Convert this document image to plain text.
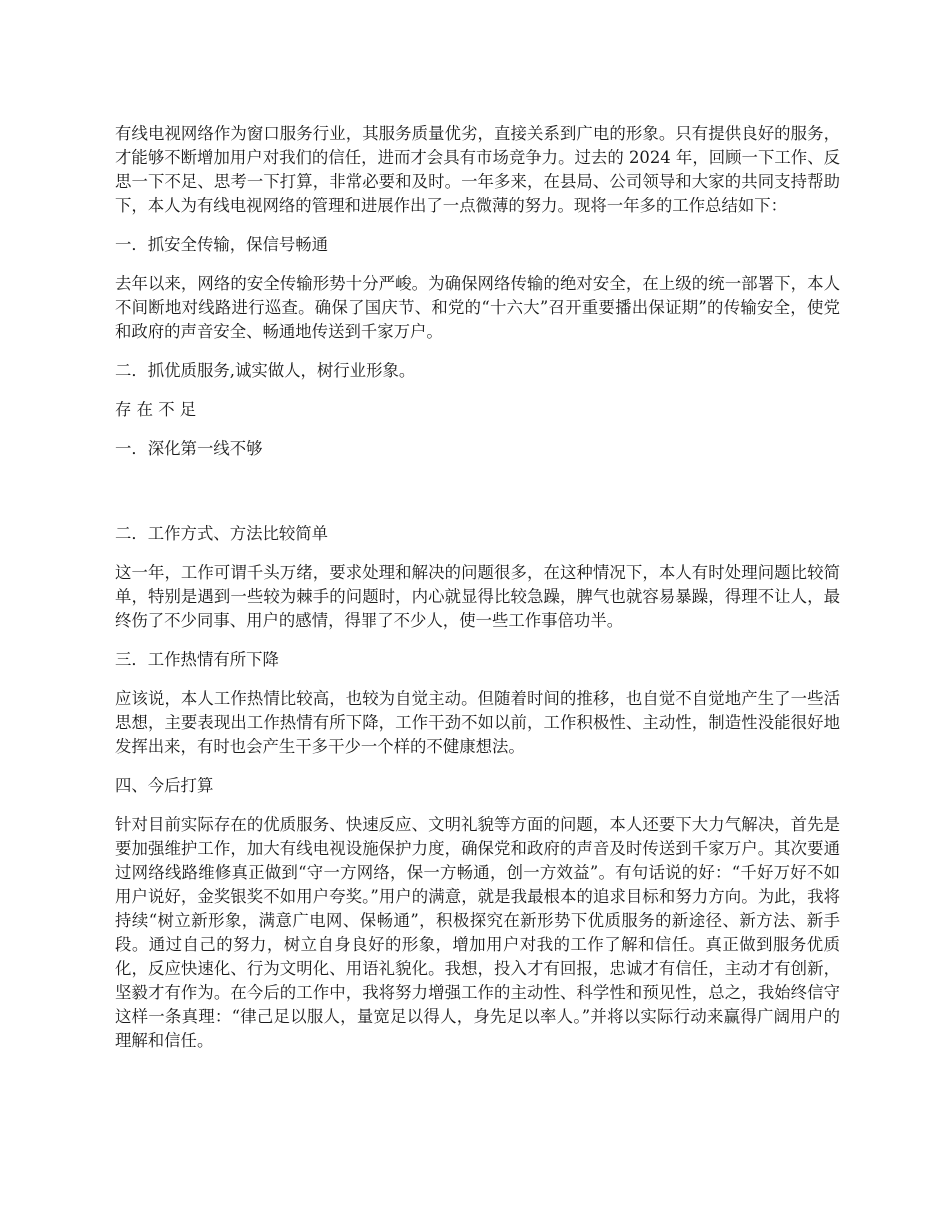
有线电视网络作为窗口服务行业，其服务质量优劣，直接关系到广电的形象。只有提供良好的服务，才能够不断增加用户对我们的信任，进而才会具有市场竞争力。过去的 2024 年，回顾一下工作、反思一下不足、思考一下打算，非常必要和及时。一年多来，在县局、公司领导和大家的共同支持帮助下，本人为有线电视网络的管理和进展作出了一点微薄的努力。现将一年多的工作总结如下：

一．抓安全传输，保信号畅通

去年以来，网络的安全传输形势十分严峻。为确保网络传输的绝对安全，在上级的统一部署下，本人不间断地对线路进行巡查。确保了国庆节、和党的“十六大”召开重要播出保证期”的传输安全，使党和政府的声音安全、畅通地传送到千家万户。

二．抓优质服务,诚实做人，树行业形象。

存 在 不 足

一．深化第一线不够

二．工作方式、方法比较简单

这一年，工作可谓千头万绪，要求处理和解决的问题很多，在这种情况下，本人有时处理问题比较简单，特别是遇到一些较为棘手的问题时，内心就显得比较急躁，脾气也就容易暴躁，得理不让人，最终伤了不少同事、用户的感情，得罪了不少人，使一些工作事倍功半。

三．工作热情有所下降

应该说，本人工作热情比较高，也较为自觉主动。但随着时间的推移，也自觉不自觉地产生了一些活思想，主要表现出工作热情有所下降，工作干劲不如以前，工作积极性、主动性，制造性没能很好地发挥出来，有时也会产生干多干少一个样的不健康想法。

四、今后打算

针对目前实际存在的优质服务、快速反应、文明礼貌等方面的问题，本人还要下大力气解决，首先是要加强维护工作，加大有线电视设施保护力度，确保党和政府的声音及时传送到千家万户。其次要通过网络线路维修真正做到“守一方网络，保一方畅通，创一方效益”。有句话说的好：“千好万好不如用户说好，金奖银奖不如用户夸奖。”用户的满意，就是我最根本的追求目标和努力方向。为此，我将持续“树立新形象，满意广电网、保畅通”，积极探究在新形势下优质服务的新途径、新方法、新手段。通过自己的努力，树立自身良好的形象，增加用户对我的工作了解和信任。真正做到服务优质化，反应快速化、行为文明化、用语礼貌化。我想，投入才有回报，忠诚才有信任，主动才有创新，坚毅才有作为。在今后的工作中，我将努力增强工作的主动性、科学性和预见性，总之，我始终信守这样一条真理：“律己足以服人，量宽足以得人，身先足以率人。”并将以实际行动来赢得广阔用户的理解和信任。
